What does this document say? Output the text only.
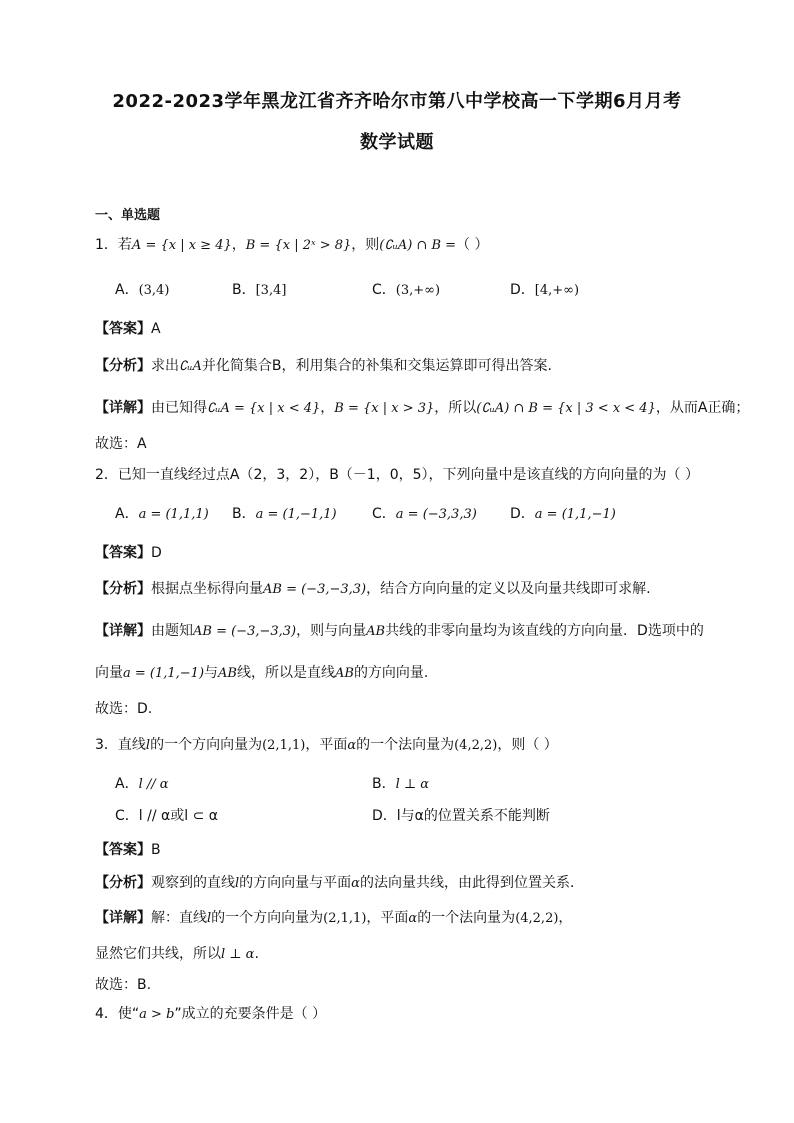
2022-2023学年黑龙江省齐齐哈尔市第八中学校高一下学期6月月考
数学试题
一、单选题
1．若A = {x | x ≥ 4}，B = {x | 2ˣ > 8}，则(∁ᵤA) ∩ B =（ ）
A．(3,4)	B．[3,4]	C．(3,+∞)	D．[4,+∞)
【答案】A
【分析】求出∁ᵤA并化简集合B，利用集合的补集和交集运算即可得出答案.
【详解】由已知得∁ᵤA = {x | x < 4}，B = {x | x > 3}，所以(∁ᵤA) ∩ B = {x | 3 < x < 4}，从而A正确；
故选：A
2．已知一直线经过点A（2，3，2），B（－1，0，5），下列向量中是该直线的方向向量的为（ ）
A．a = (1,1,1) B．a = (1,−1,1)	C．a = (−3,3,3) D．a = (1,1,−1)
【答案】D
【分析】根据点坐标得向量AB = (−3,−3,3)，结合方向向量的定义以及向量共线即可求解.
【详解】由题知AB = (−3,−3,3)，则与向量AB共线的非零向量均为该直线的方向向量．D选项中的
向量a = (1,1,−1)与AB线，所以是直线AB的方向向量.
故选：D.
3．直线l的一个方向向量为(2,1,1)，平面α的一个法向量为(4,2,2)，则（ ）
A．l // α	B．l ⊥ α
C．l // α或l ⊂ α	D．l与α的位置关系不能判断
【答案】B
【分析】观察到的直线l的方向向量与平面α的法向量共线，由此得到位置关系．
【详解】解：直线l的一个方向向量为(2,1,1)，平面α的一个法向量为(4,2,2)，
显然它们共线，所以l ⊥ α.
故选：B.
4．使“a > b”成立的充要条件是（ ）
